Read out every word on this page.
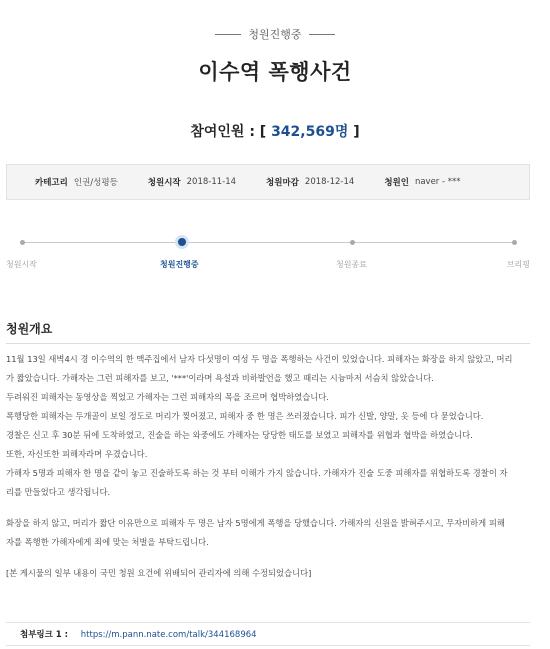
청원진행중
이수역 폭행사건
참여인원 : [ 342,569명 ]
카테고리 인권/성평등	청원시작 2018-11-14	청원마감 2018-12-14	청원인 naver - ***
청원시작	청원진행중	청원종료	브리핑
청원개요

11월 13일 새벽4시 경 이수역의 한 맥주집에서 남자 다섯명이 여성 두 명을 폭행하는 사건이 있었습니다. 피해자는 화장을 하지 않았고, 머리

가 짧았습니다. 가해자는 그런 피해자를 보고, '***'이라며 욕설과 비하발언을 했고 때리는 시늉마저 서슴치 않았습니다.

두려워진 피해자는 동영상을 찍었고 가해자는 그런 피해자의 목을 조르며 협박하였습니다.

폭행당한 피해자는 두개골이 보일 정도로 머리가 찢어졌고, 피해자 중 한 명은 쓰러졌습니다. 피가 신발, 양말, 옷 등에 다 묻었습니다.

경찰은 신고 후 30분 뒤에 도착하였고, 진술을 하는 와중에도 가해자는 당당한 태도를 보였고 피해자를 위협과 협박을 하였습니다.

또한, 자신또한 피해자라며 우겼습니다.

가해자 5명과 피해자 한 명을 같이 놓고 진술하도록 하는 것 부터 이해가 가지 않습니다. 가해자가 진술 도중 피해자를 위협하도록 경찰이 자

리를 만들었다고 생각됩니다.

화장을 하지 않고, 머리가 짧단 이유만으로 피해자 두 명은 남자 5명에게 폭행을 당했습니다. 가해자의 신원을 밝혀주시고, 무자비하게 피해

자를 폭행한 가해자에게 죄에 맞는 처벌을 부탁드립니다.

[본 게시물의 일부 내용이 국민 청원 요건에 위배되어 관리자에 의해 수정되었습니다]

첨부링크 1 : https://m.pann.nate.com/talk/344168964
